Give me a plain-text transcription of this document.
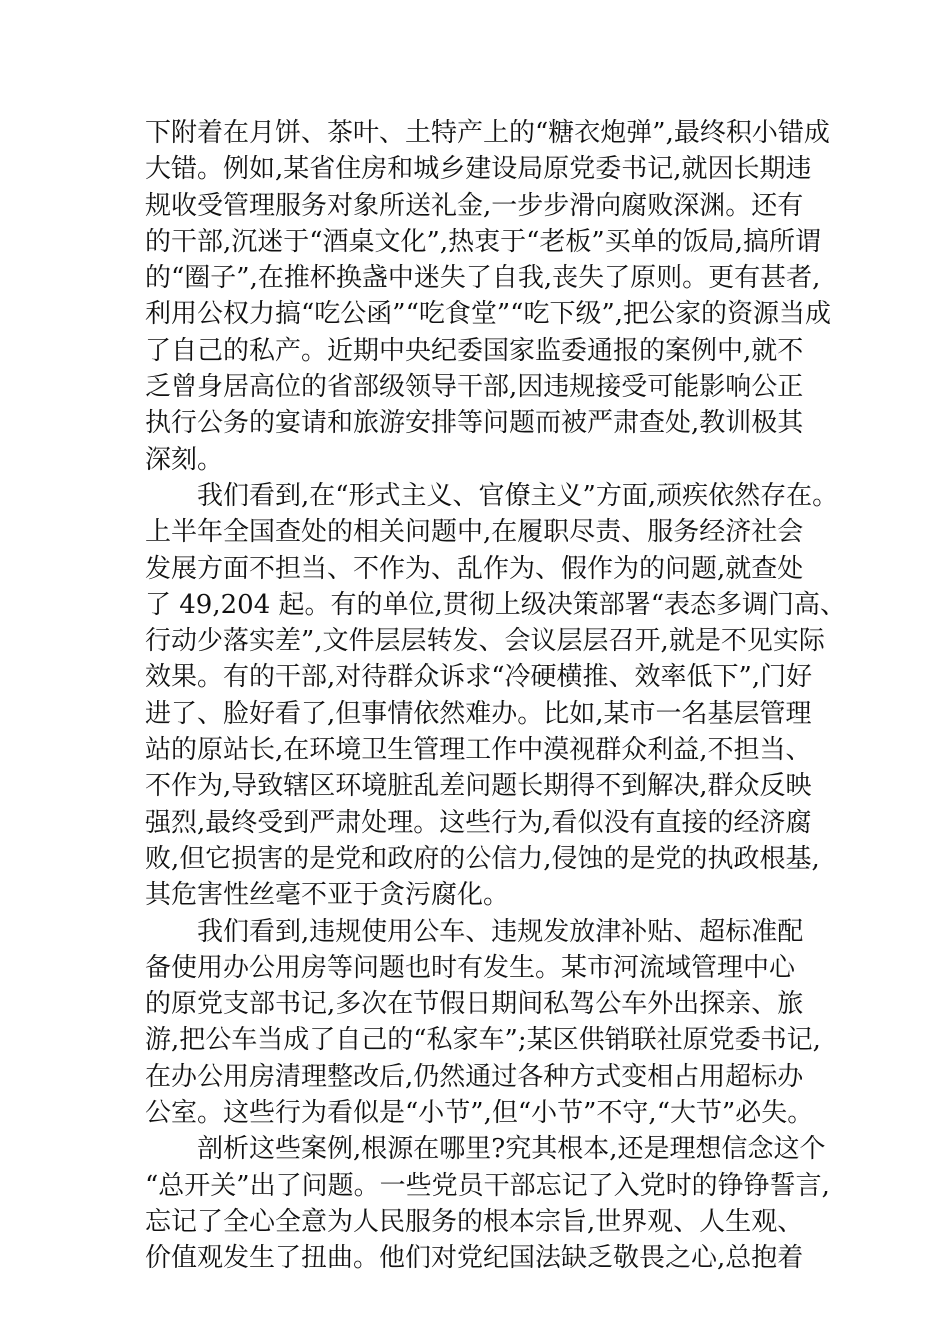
下附着在月饼、茶叶、土特产上的“糖衣炮弹”,最终积小错成
大错。例如,某省住房和城乡建设局原党委书记,就因长期违
规收受管理服务对象所送礼金,一步步滑向腐败深渊。还有
的干部,沉迷于“酒桌文化”,热衷于“老板”买单的饭局,搞所谓
的“圈子”,在推杯换盏中迷失了自我,丧失了原则。更有甚者,
利用公权力搞“吃公函”“吃食堂”“吃下级”,把公家的资源当成
了自己的私产。近期中央纪委国家监委通报的案例中,就不
乏曾身居高位的省部级领导干部,因违规接受可能影响公正
执行公务的宴请和旅游安排等问题而被严肃查处,教训极其
深刻。
　　我们看到,在“形式主义、官僚主义”方面,顽疾依然存在。
上半年全国查处的相关问题中,在履职尽责、服务经济社会
发展方面不担当、不作为、乱作为、假作为的问题,就查处
了 49,204 起。有的单位,贯彻上级决策部署“表态多调门高、
行动少落实差”,文件层层转发、会议层层召开,就是不见实际
效果。有的干部,对待群众诉求“冷硬横推、效率低下”,门好
进了、脸好看了,但事情依然难办。比如,某市一名基层管理
站的原站长,在环境卫生管理工作中漠视群众利益,不担当、
不作为,导致辖区环境脏乱差问题长期得不到解决,群众反映
强烈,最终受到严肃处理。这些行为,看似没有直接的经济腐
败,但它损害的是党和政府的公信力,侵蚀的是党的执政根基,
其危害性丝毫不亚于贪污腐化。
　　我们看到,违规使用公车、违规发放津补贴、超标准配
备使用办公用房等问题也时有发生。某市河流域管理中心
的原党支部书记,多次在节假日期间私驾公车外出探亲、旅
游,把公车当成了自己的“私家车”;某区供销联社原党委书记,
在办公用房清理整改后,仍然通过各种方式变相占用超标办
公室。这些行为看似是“小节”,但“小节”不守,“大节”必失。
　　剖析这些案例,根源在哪里?究其根本,还是理想信念这个
“总开关”出了问题。一些党员干部忘记了入党时的铮铮誓言,
忘记了全心全意为人民服务的根本宗旨,世界观、人生观、
价值观发生了扭曲。他们对党纪国法缺乏敬畏之心,总抱着
